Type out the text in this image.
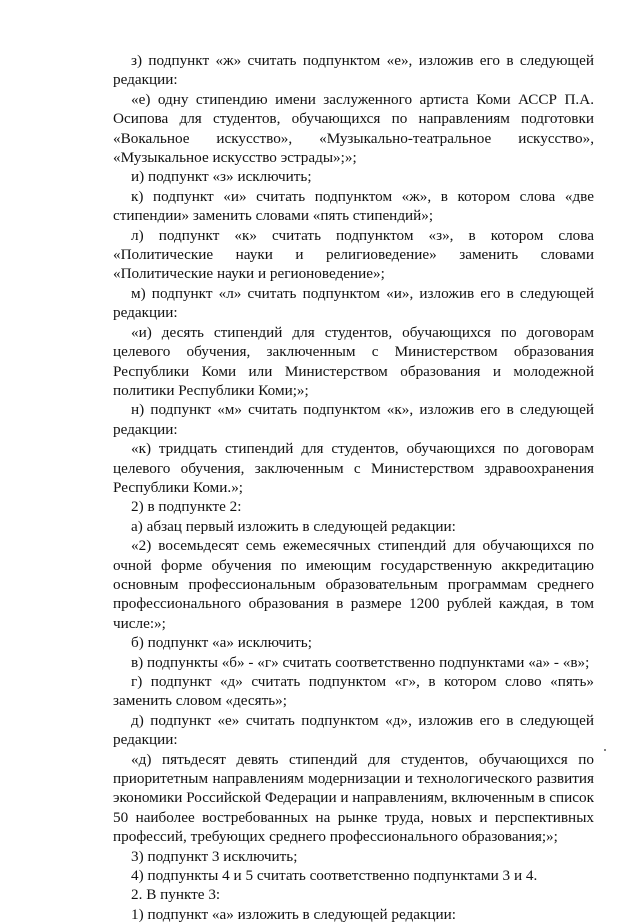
з) подпункт «ж» считать подпунктом «е», изложив его в следующей редакции:

«е) одну стипендию имени заслуженного артиста Коми АССР П.А. Осипова для студентов, обучающихся по направлениям подготовки «Вокальное искусство», «Музыкально-театральное искусство», «Музыкальное искусство эстрады»;»;

и) подпункт «з» исключить;

к) подпункт «и» считать подпунктом «ж», в котором слова «две стипендии» заменить словами «пять стипендий»;

л) подпункт «к» считать подпунктом «з», в котором слова «Политические науки и религиоведение» заменить словами «Политические науки и регионоведение»;

м) подпункт «л» считать подпунктом «и», изложив его в следующей редакции:

«и) десять стипендий для студентов, обучающихся по договорам целевого обучения, заключенным с Министерством образования Республики Коми или Министерством образования и молодежной политики Республики Коми;»;

н) подпункт «м» считать подпунктом «к», изложив его в следующей редакции:

«к) тридцать стипендий для студентов, обучающихся по договорам целевого обучения, заключенным с Министерством здравоохранения Республики Коми.»;

2) в подпункте 2:

а) абзац первый изложить в следующей редакции:

«2) восемьдесят семь ежемесячных стипендий для обучающихся по очной форме обучения по имеющим государственную аккредитацию основным профессиональным образовательным программам среднего профессионального образования в размере 1200 рублей каждая, в том числе:»;

б) подпункт «а» исключить;

в) подпункты «б» - «г» считать соответственно подпунктами «а» - «в»;

г) подпункт «д» считать подпунктом «г», в котором слово «пять» заменить словом «десять»;

д) подпункт «е» считать подпунктом «д», изложив его в следующей редакции:

«д) пятьдесят девять стипендий для студентов, обучающихся по приоритетным направлениям модернизации и технологического развития экономики Российской Федерации и направлениям, включенным в список 50 наиболее востребованных на рынке труда, новых и перспективных профессий, требующих среднего профессионального образования;»;

3) подпункт 3 исключить;

4) подпункты 4 и 5 считать соответственно подпунктами 3 и 4.

2. В пункте 3:

1) подпункт «а» изложить в следующей редакции:
